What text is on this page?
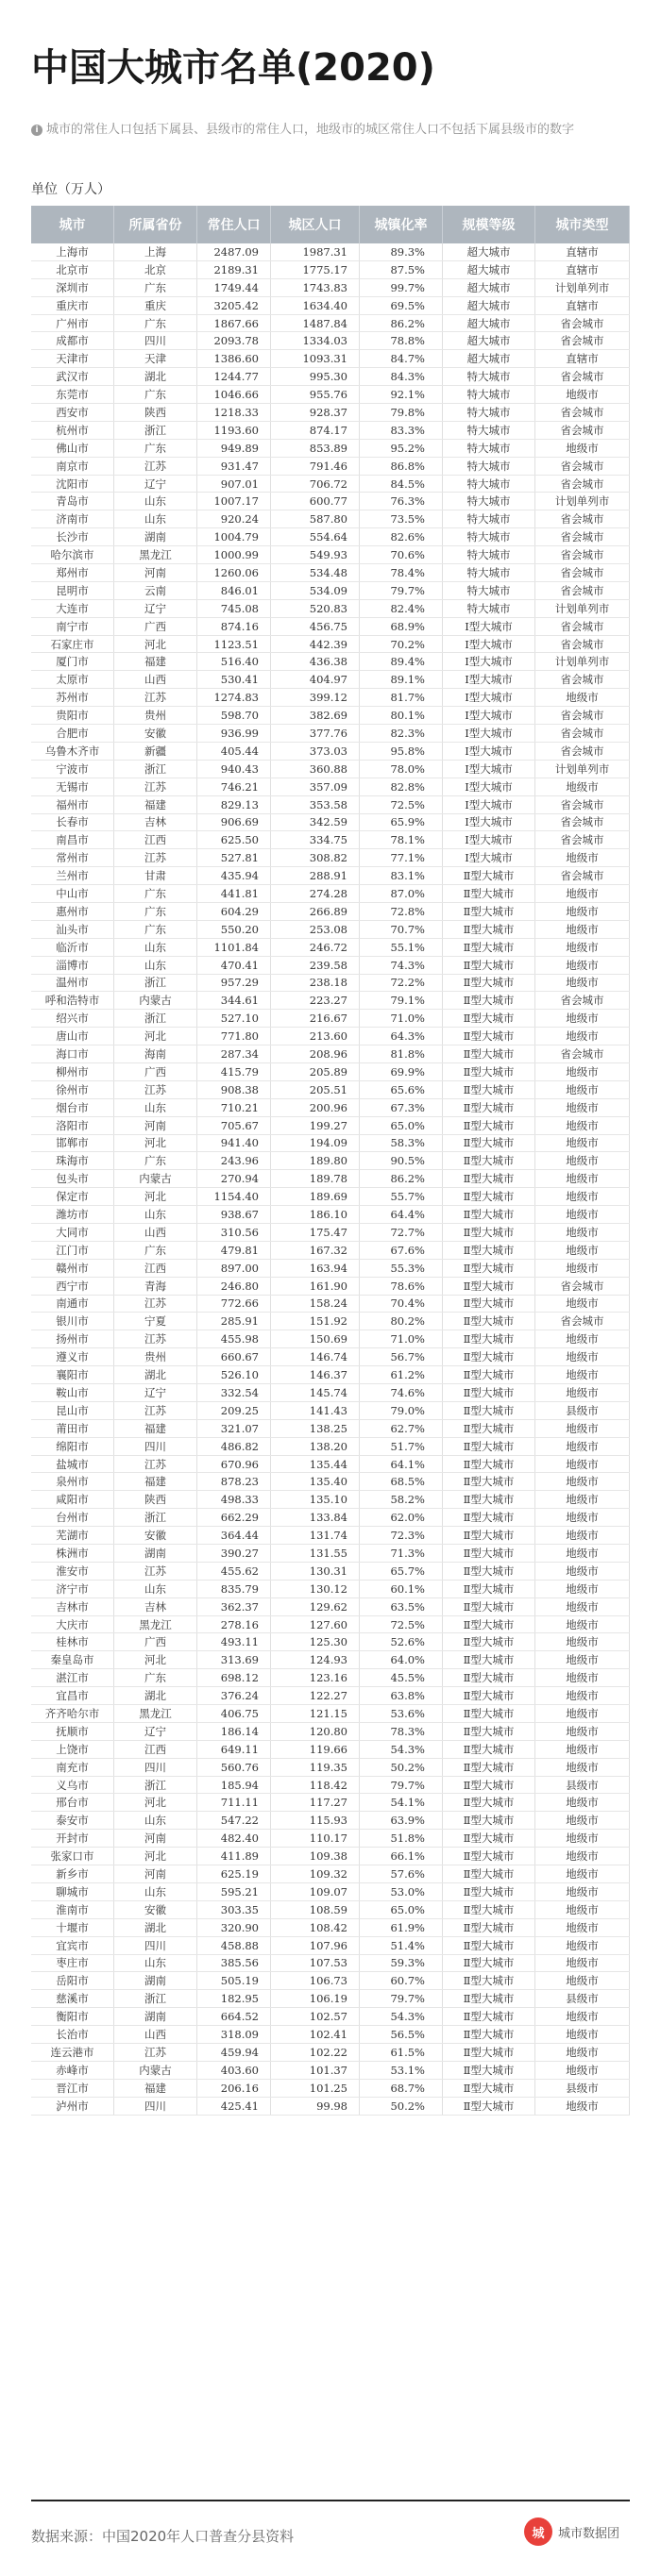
中国大城市名单(2020)
i 城市的常住人口包括下属县、县级市的常住人口，地级市的城区常住人口不包括下属县级市的数字
单位（万人）
城市	所属省份	常住人口	城区人口	城镇化率	规模等级	城市类型
上海市	上海	2487.09	1987.31	89.3%	超大城市	直辖市
北京市	北京	2189.31	1775.17	87.5%	超大城市	直辖市
深圳市	广东	1749.44	1743.83	99.7%	超大城市	计划单列市
重庆市	重庆	3205.42	1634.40	69.5%	超大城市	直辖市
广州市	广东	1867.66	1487.84	86.2%	超大城市	省会城市
成都市	四川	2093.78	1334.03	78.8%	超大城市	省会城市
天津市	天津	1386.60	1093.31	84.7%	超大城市	直辖市
武汉市	湖北	1244.77	995.30	84.3%	特大城市	省会城市
东莞市	广东	1046.66	955.76	92.1%	特大城市	地级市
西安市	陕西	1218.33	928.37	79.8%	特大城市	省会城市
杭州市	浙江	1193.60	874.17	83.3%	特大城市	省会城市
佛山市	广东	949.89	853.89	95.2%	特大城市	地级市
南京市	江苏	931.47	791.46	86.8%	特大城市	省会城市
沈阳市	辽宁	907.01	706.72	84.5%	特大城市	省会城市
青岛市	山东	1007.17	600.77	76.3%	特大城市	计划单列市
济南市	山东	920.24	587.80	73.5%	特大城市	省会城市
长沙市	湖南	1004.79	554.64	82.6%	特大城市	省会城市
哈尔滨市	黑龙江	1000.99	549.93	70.6%	特大城市	省会城市
郑州市	河南	1260.06	534.48	78.4%	特大城市	省会城市
昆明市	云南	846.01	534.09	79.7%	特大城市	省会城市
大连市	辽宁	745.08	520.83	82.4%	特大城市	计划单列市
南宁市	广西	874.16	456.75	68.9%	Ⅰ型大城市	省会城市
石家庄市	河北	1123.51	442.39	70.2%	Ⅰ型大城市	省会城市
厦门市	福建	516.40	436.38	89.4%	Ⅰ型大城市	计划单列市
太原市	山西	530.41	404.97	89.1%	Ⅰ型大城市	省会城市
苏州市	江苏	1274.83	399.12	81.7%	Ⅰ型大城市	地级市
贵阳市	贵州	598.70	382.69	80.1%	Ⅰ型大城市	省会城市
合肥市	安徽	936.99	377.76	82.3%	Ⅰ型大城市	省会城市
乌鲁木齐市	新疆	405.44	373.03	95.8%	Ⅰ型大城市	省会城市
宁波市	浙江	940.43	360.88	78.0%	Ⅰ型大城市	计划单列市
无锡市	江苏	746.21	357.09	82.8%	Ⅰ型大城市	地级市
福州市	福建	829.13	353.58	72.5%	Ⅰ型大城市	省会城市
长春市	吉林	906.69	342.59	65.9%	Ⅰ型大城市	省会城市
南昌市	江西	625.50	334.75	78.1%	Ⅰ型大城市	省会城市
常州市	江苏	527.81	308.82	77.1%	Ⅰ型大城市	地级市
兰州市	甘肃	435.94	288.91	83.1%	Ⅱ型大城市	省会城市
中山市	广东	441.81	274.28	87.0%	Ⅱ型大城市	地级市
惠州市	广东	604.29	266.89	72.8%	Ⅱ型大城市	地级市
汕头市	广东	550.20	253.08	70.7%	Ⅱ型大城市	地级市
临沂市	山东	1101.84	246.72	55.1%	Ⅱ型大城市	地级市
淄博市	山东	470.41	239.58	74.3%	Ⅱ型大城市	地级市
温州市	浙江	957.29	238.18	72.2%	Ⅱ型大城市	地级市
呼和浩特市	内蒙古	344.61	223.27	79.1%	Ⅱ型大城市	省会城市
绍兴市	浙江	527.10	216.67	71.0%	Ⅱ型大城市	地级市
唐山市	河北	771.80	213.60	64.3%	Ⅱ型大城市	地级市
海口市	海南	287.34	208.96	81.8%	Ⅱ型大城市	省会城市
柳州市	广西	415.79	205.89	69.9%	Ⅱ型大城市	地级市
徐州市	江苏	908.38	205.51	65.6%	Ⅱ型大城市	地级市
烟台市	山东	710.21	200.96	67.3%	Ⅱ型大城市	地级市
洛阳市	河南	705.67	199.27	65.0%	Ⅱ型大城市	地级市
邯郸市	河北	941.40	194.09	58.3%	Ⅱ型大城市	地级市
珠海市	广东	243.96	189.80	90.5%	Ⅱ型大城市	地级市
包头市	内蒙古	270.94	189.78	86.2%	Ⅱ型大城市	地级市
保定市	河北	1154.40	189.69	55.7%	Ⅱ型大城市	地级市
潍坊市	山东	938.67	186.10	64.4%	Ⅱ型大城市	地级市
大同市	山西	310.56	175.47	72.7%	Ⅱ型大城市	地级市
江门市	广东	479.81	167.32	67.6%	Ⅱ型大城市	地级市
赣州市	江西	897.00	163.94	55.3%	Ⅱ型大城市	地级市
西宁市	青海	246.80	161.90	78.6%	Ⅱ型大城市	省会城市
南通市	江苏	772.66	158.24	70.4%	Ⅱ型大城市	地级市
银川市	宁夏	285.91	151.92	80.2%	Ⅱ型大城市	省会城市
扬州市	江苏	455.98	150.69	71.0%	Ⅱ型大城市	地级市
遵义市	贵州	660.67	146.74	56.7%	Ⅱ型大城市	地级市
襄阳市	湖北	526.10	146.37	61.2%	Ⅱ型大城市	地级市
鞍山市	辽宁	332.54	145.74	74.6%	Ⅱ型大城市	地级市
昆山市	江苏	209.25	141.43	79.0%	Ⅱ型大城市	县级市
莆田市	福建	321.07	138.25	62.7%	Ⅱ型大城市	地级市
绵阳市	四川	486.82	138.20	51.7%	Ⅱ型大城市	地级市
盐城市	江苏	670.96	135.44	64.1%	Ⅱ型大城市	地级市
泉州市	福建	878.23	135.40	68.5%	Ⅱ型大城市	地级市
咸阳市	陕西	498.33	135.10	58.2%	Ⅱ型大城市	地级市
台州市	浙江	662.29	133.84	62.0%	Ⅱ型大城市	地级市
芜湖市	安徽	364.44	131.74	72.3%	Ⅱ型大城市	地级市
株洲市	湖南	390.27	131.55	71.3%	Ⅱ型大城市	地级市
淮安市	江苏	455.62	130.31	65.7%	Ⅱ型大城市	地级市
济宁市	山东	835.79	130.12	60.1%	Ⅱ型大城市	地级市
吉林市	吉林	362.37	129.62	63.5%	Ⅱ型大城市	地级市
大庆市	黑龙江	278.16	127.60	72.5%	Ⅱ型大城市	地级市
桂林市	广西	493.11	125.30	52.6%	Ⅱ型大城市	地级市
秦皇岛市	河北	313.69	124.93	64.0%	Ⅱ型大城市	地级市
湛江市	广东	698.12	123.16	45.5%	Ⅱ型大城市	地级市
宜昌市	湖北	376.24	122.27	63.8%	Ⅱ型大城市	地级市
齐齐哈尔市	黑龙江	406.75	121.15	53.6%	Ⅱ型大城市	地级市
抚顺市	辽宁	186.14	120.80	78.3%	Ⅱ型大城市	地级市
上饶市	江西	649.11	119.66	54.3%	Ⅱ型大城市	地级市
南充市	四川	560.76	119.35	50.2%	Ⅱ型大城市	地级市
义乌市	浙江	185.94	118.42	79.7%	Ⅱ型大城市	县级市
邢台市	河北	711.11	117.27	54.1%	Ⅱ型大城市	地级市
泰安市	山东	547.22	115.93	63.9%	Ⅱ型大城市	地级市
开封市	河南	482.40	110.17	51.8%	Ⅱ型大城市	地级市
张家口市	河北	411.89	109.38	66.1%	Ⅱ型大城市	地级市
新乡市	河南	625.19	109.32	57.6%	Ⅱ型大城市	地级市
聊城市	山东	595.21	109.07	53.0%	Ⅱ型大城市	地级市
淮南市	安徽	303.35	108.59	65.0%	Ⅱ型大城市	地级市
十堰市	湖北	320.90	108.42	61.9%	Ⅱ型大城市	地级市
宜宾市	四川	458.88	107.96	51.4%	Ⅱ型大城市	地级市
枣庄市	山东	385.56	107.53	59.3%	Ⅱ型大城市	地级市
岳阳市	湖南	505.19	106.73	60.7%	Ⅱ型大城市	地级市
慈溪市	浙江	182.95	106.19	79.7%	Ⅱ型大城市	县级市
衡阳市	湖南	664.52	102.57	54.3%	Ⅱ型大城市	地级市
长治市	山西	318.09	102.41	56.5%	Ⅱ型大城市	地级市
连云港市	江苏	459.94	102.22	61.5%	Ⅱ型大城市	地级市
赤峰市	内蒙古	403.60	101.37	53.1%	Ⅱ型大城市	地级市
晋江市	福建	206.16	101.25	68.7%	Ⅱ型大城市	县级市
泸州市	四川	425.41	99.98	50.2%	Ⅱ型大城市	地级市
数据来源：中国2020年人口普查分县资料	城	城市数据团
